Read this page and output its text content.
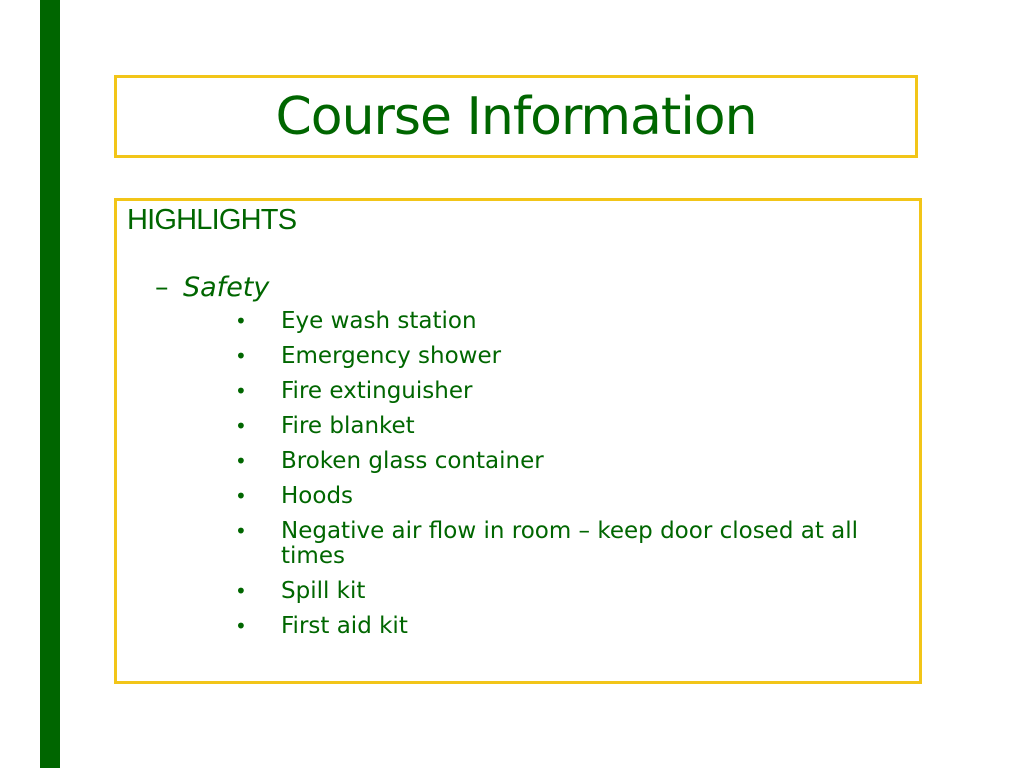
Course Information
HIGHLIGHTS
– Safety
• Eye wash station
• Emergency shower
• Fire extinguisher
• Fire blanket
• Broken glass container
• Hoods
• Negative air flow in room – keep door closed at all times
• Spill kit
• First aid kit
